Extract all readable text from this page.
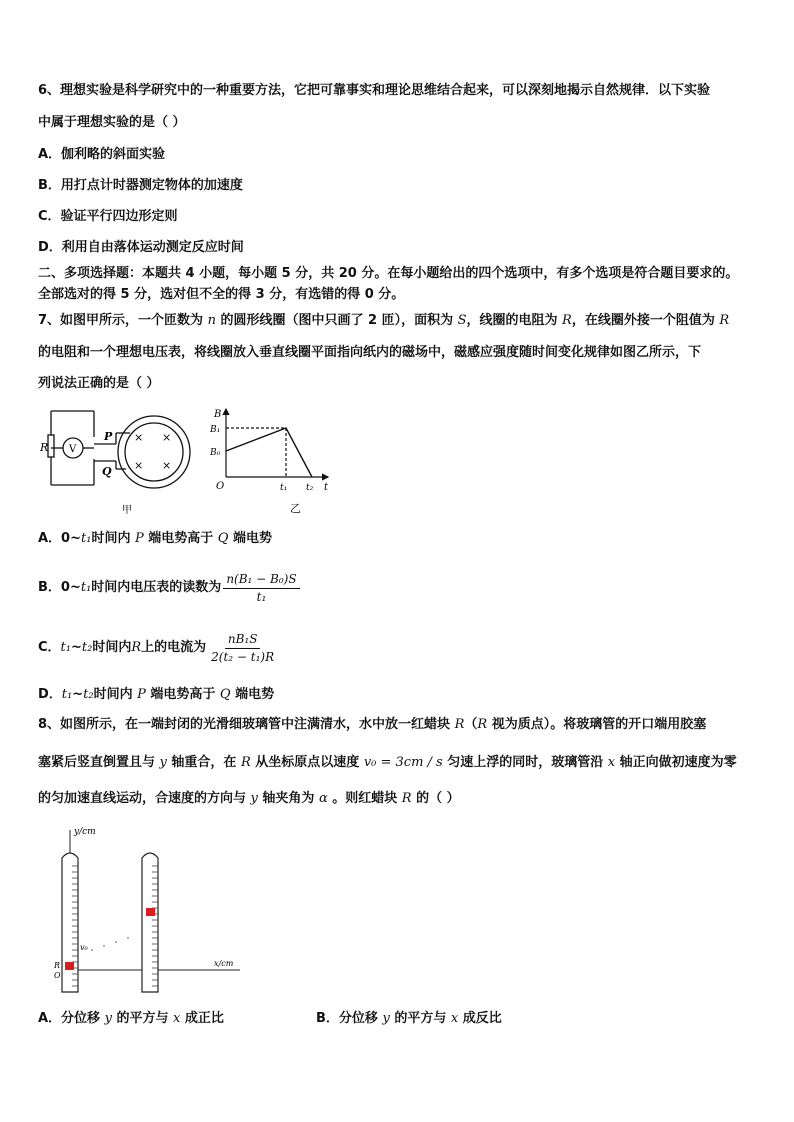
6、理想实验是科学研究中的一种重要方法，它把可靠事实和理论思维结合起来，可以深刻地揭示自然规律．以下实验
中属于理想实验的是（ ）
A．伽利略的斜面实验
B．用打点计时器测定物体的加速度
C．验证平行四边形定则
D．利用自由落体运动测定反应时间
二、多项选择题：本题共 4 小题，每小题 5 分，共 20 分。在每小题给出的四个选项中，有多个选项是符合题目要求的。
全部选对的得 5 分，选对但不全的得 3 分，有选错的得 0 分。
7、如图甲所示，一个匝数为 n 的圆形线圈（图中只画了 2 匝），面积为 S，线圈的电阻为 R，在线圈外接一个阻值为 R
的电阻和一个理想电压表，将线圈放入垂直线圈平面指向纸内的磁场中，磁感应强度随时间变化规律如图乙所示，下
列说法正确的是（ ）
R V
P
Q
× ×
× ×
甲
B
B₁
B₀
O	t₁ t₂ t
乙
A．0~t₁时间内 P 端电势高于 Q 端电势
B．0~ t₁ 时间内电压表的读数为 $\frac{\text{n(B₁ − B₀)S}}{\text{t₁}}$
C． t₁ ~ t₂ 时间内 R 上的电流为 $\frac{\text{nB₁S}}{\text{2(t₂ − t₁)R}}$
D．t₁~t₂时间内 P 端电势高于 Q 端电势
8、如图所示，在一端封闭的光滑细玻璃管中注满清水，水中放一红蜡块 R（R 视为质点）。将玻璃管的开口端用胶塞
塞紧后竖直倒置且与 y 轴重合，在 R 从坐标原点以速度 v₀ = 3cm / s 匀速上浮的同时，玻璃管沿 x 轴正向做初速度为零
的匀加速直线运动，合速度的方向与 y 轴夹角为 α 。则红蜡块 R 的（ ）
y/cm
x/cm
v₀
R
O
A．分位移 y 的平方与 x 成正比	B．分位移 y 的平方与 x 成反比
